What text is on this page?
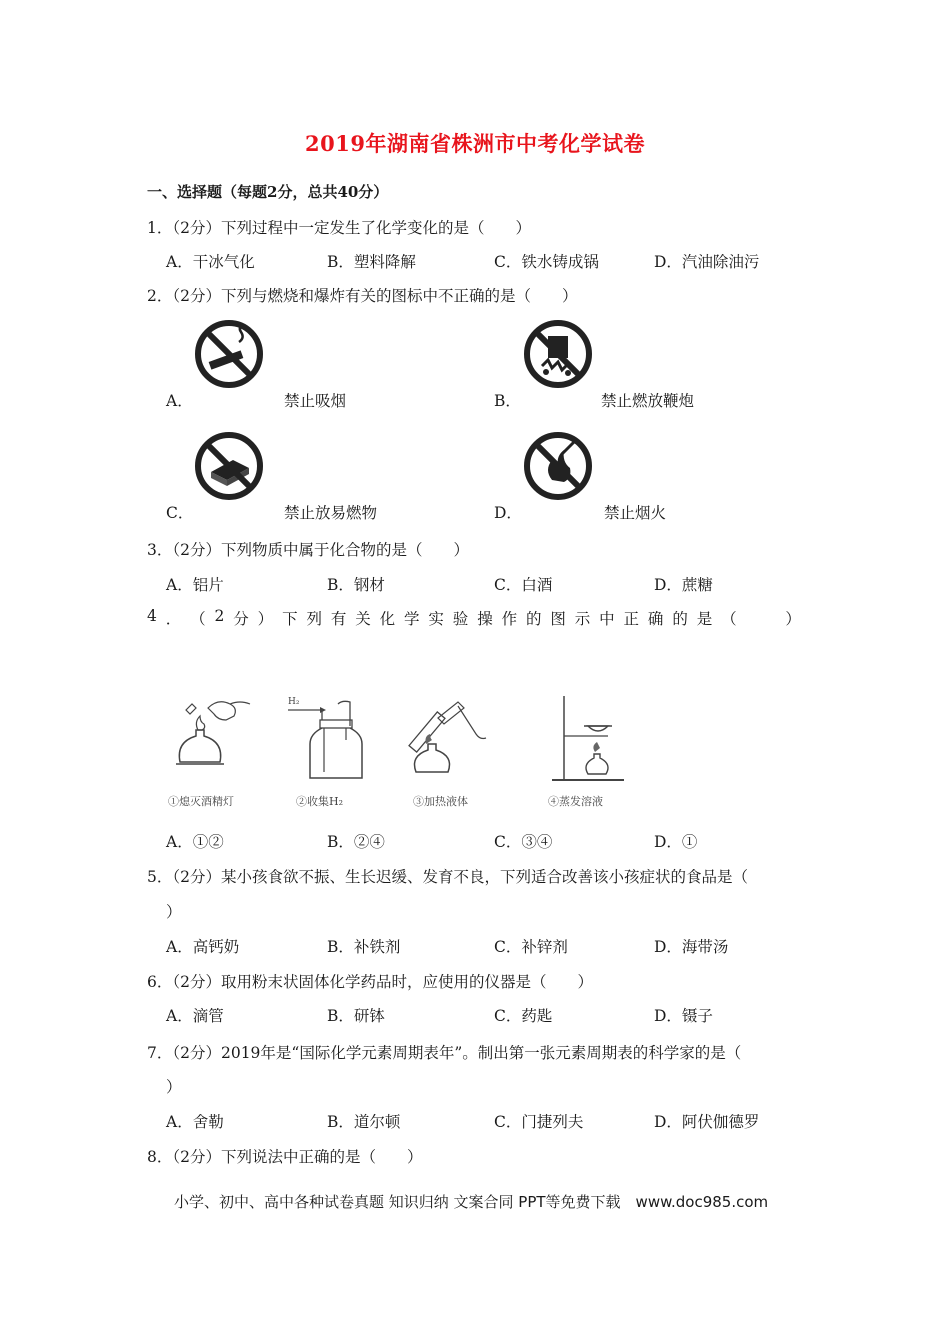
2019年湖南省株洲市中考化学试卷
一、选择题（每题2分，总共40分）
1．（2分）下列过程中一定发生了化学变化的是（　　）
A．干冰气化	B．塑料降解	C．铁水铸成锅	D．汽油除油污
2．（2分）下列与燃烧和爆炸有关的图标中不正确的是（　　）
A．	禁止吸烟	B．	禁止燃放鞭炮
C．	禁止放易燃物	D．	禁止烟火
3．（2分）下列物质中属于化合物的是（　　）
A．铝片	B．钢材	C．白酒	D．蔗糖
4 ． （ 2 分 ） 下 列 有 关 化 学 实 验 操 作 的 图 示 中 正 确 的 是 （
　　	）
H₂
①熄灭酒精灯	②收集H₂	③加热液体	④蒸发溶液
A．①②	B．②④	C．③④	D．①
5．（2分）某小孩食欲不振、生长迟缓、发育不良，下列适合改善该小孩症状的食品是（
）
A．高钙奶	B．补铁剂	C．补锌剂	D．海带汤
6．（2分）取用粉末状固体化学药品时，应使用的仪器是（　　）
A．滴管	B．研钵	C．药匙	D．镊子
7．（2分）2019年是“国际化学元素周期表年”。制出第一张元素周期表的科学家的是（
）
A．舍勒	B．道尔顿	C．门捷列夫	D．阿伏伽德罗
8．（2分）下列说法中正确的是（　　）
小学、初中、高中各种试卷真题 知识归纳 文案合同 PPT等免费下载　www.doc985.com
